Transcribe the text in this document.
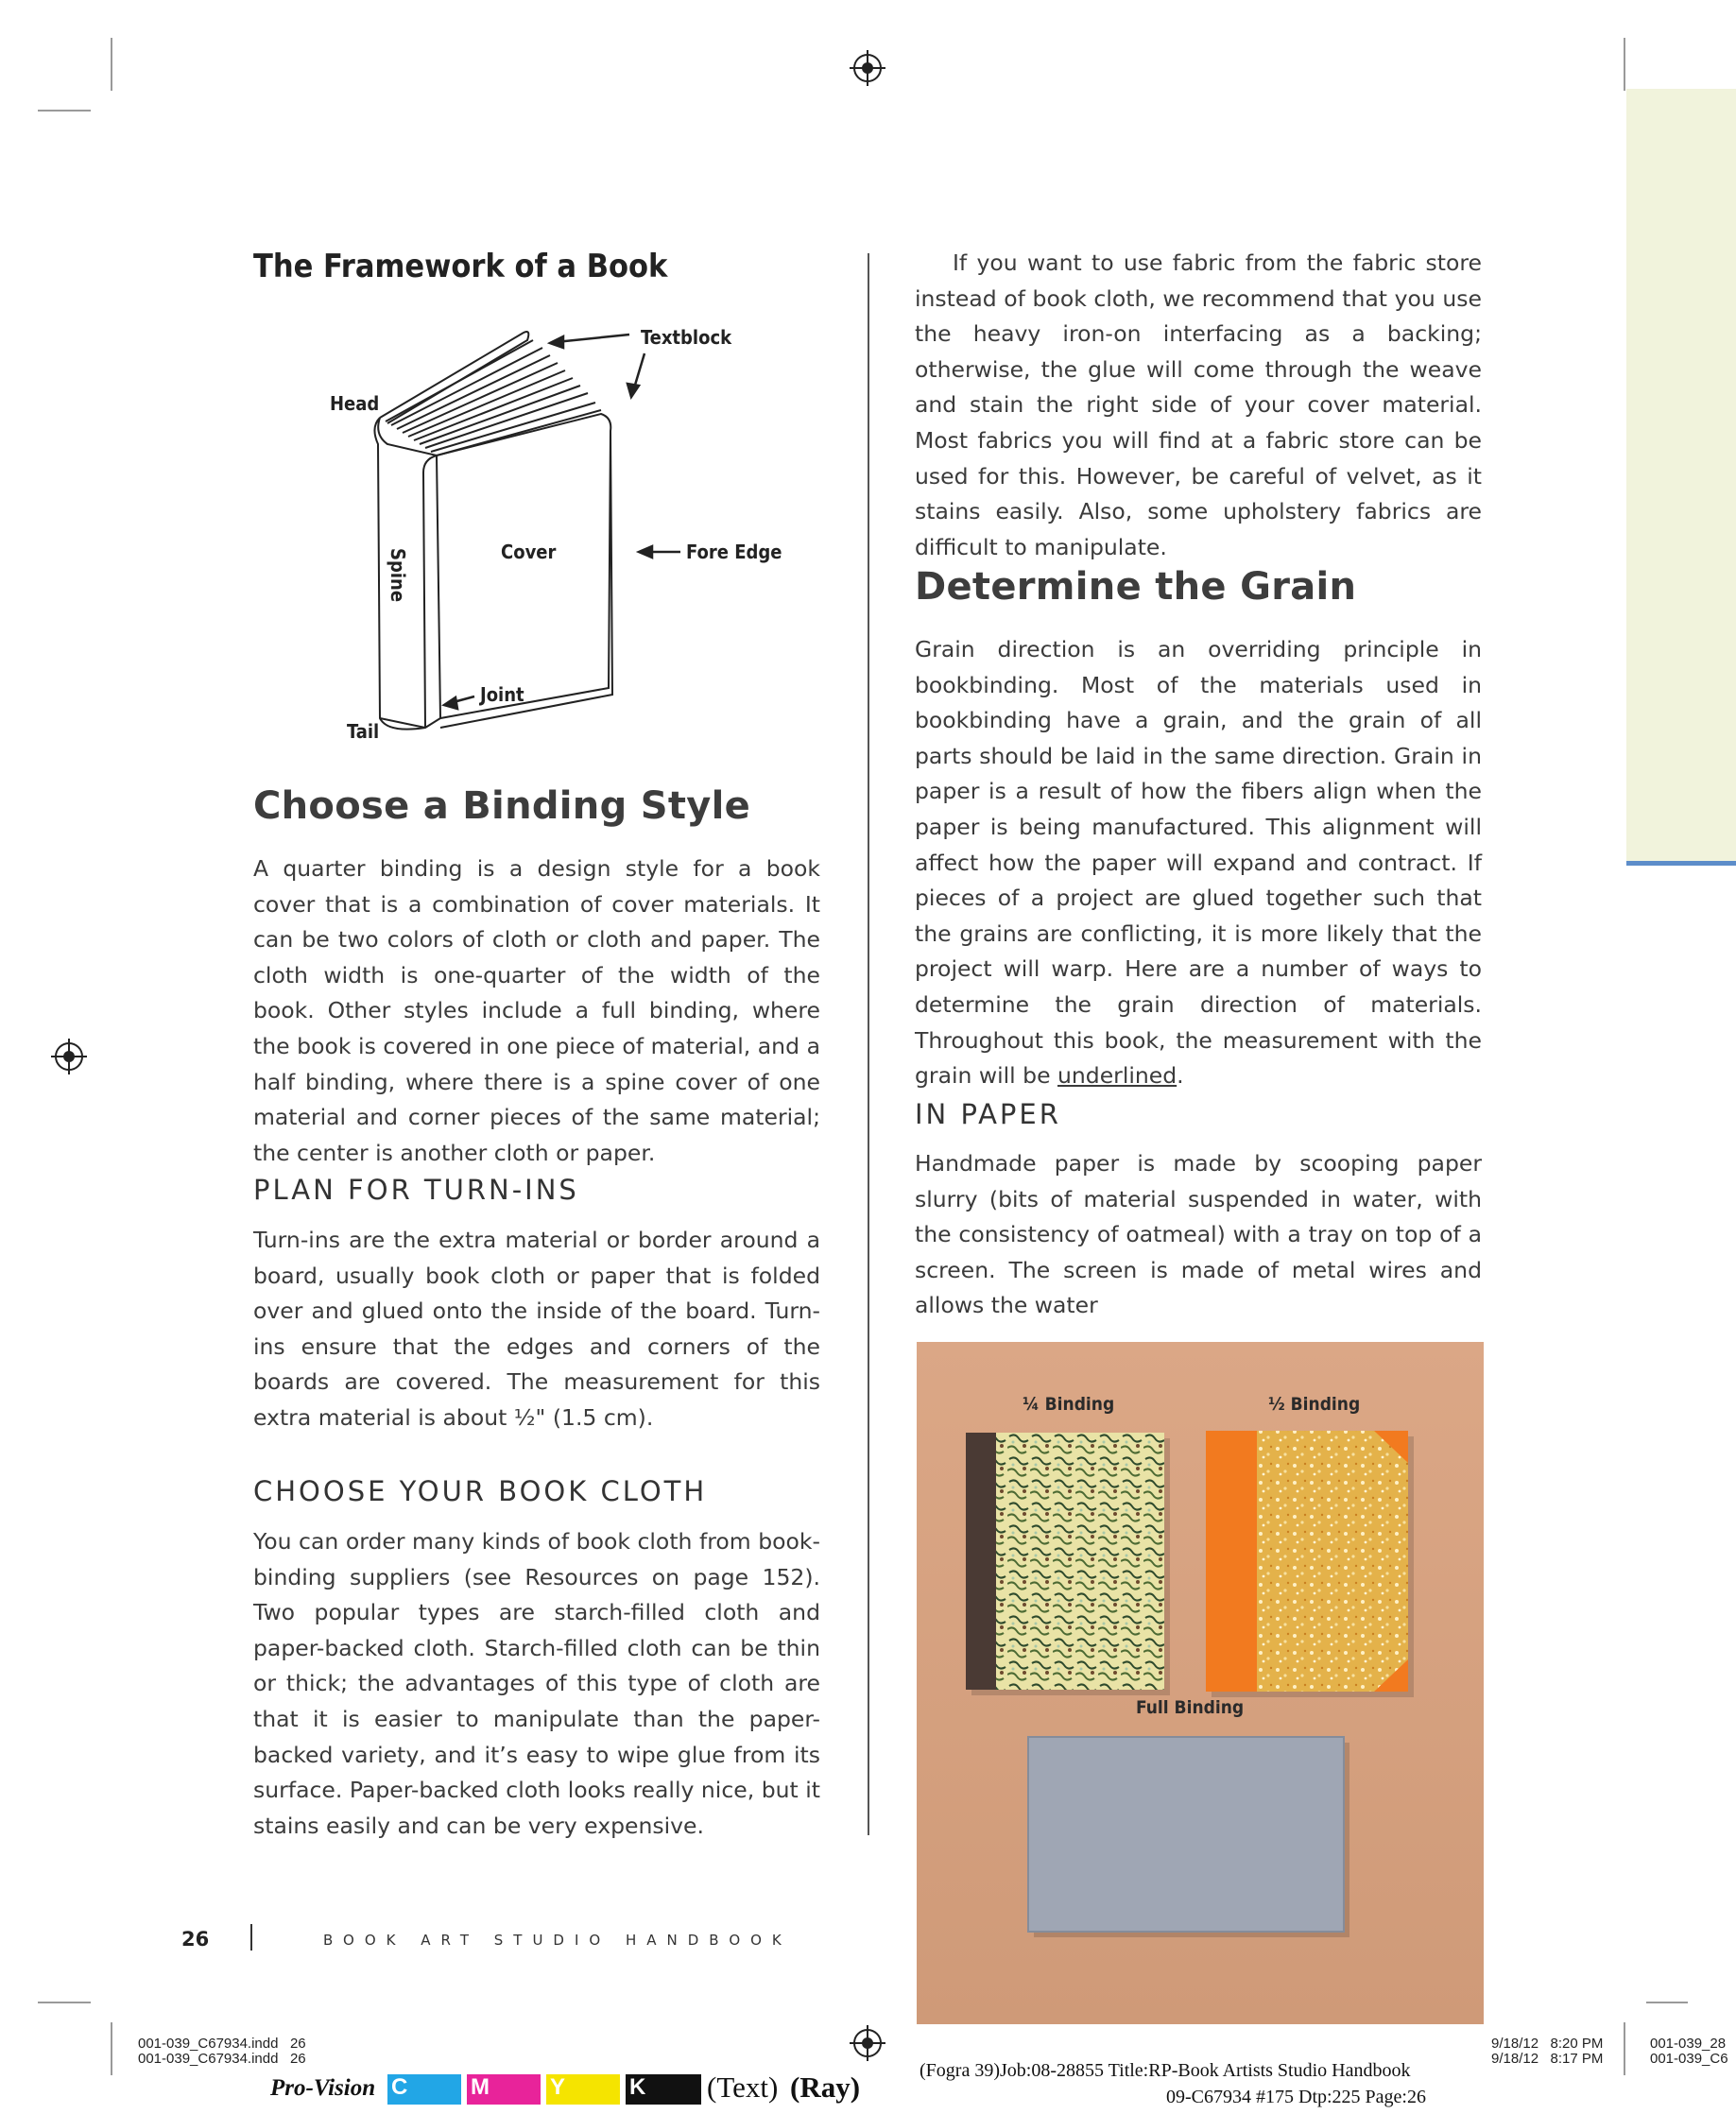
The Framework of a Book
Textblock
Head
Cover	Fore Edge
Spine
Joint
Tail
Choose a Binding Style
A quarter binding is a design style for a book cover that is a combination of cover materials. It can be two colors of cloth or cloth and paper. The cloth width is one-quarter of the width of the book. Other styles include a full binding, where the book is covered in one piece of material, and a half binding, where there is a spine cover of one material and corner pieces of the same material; the center is another cloth or paper.
PLAN FOR TURN-INS
Turn-ins are the extra material or border around a board, usually book cloth or paper that is folded over and glued onto the inside of the board. Turn-ins ensure that the edges and corners of the boards are covered. The measurement for this extra material is about ½" (1.5 cm).
CHOOSE YOUR BOOK CLOTH
You can order many kinds of book cloth from bookbinding suppliers (see Resources on page 152). Two popular types are starch-filled cloth and paper-backed cloth. Starch-filled cloth can be thin or thick; the advantages of this type of cloth are that it is easier to manipulate than the paper-backed variety, and it’s easy to wipe glue from its surface. Paper-backed cloth looks really nice, but it stains easily and can be very expensive.
If you want to use fabric from the fabric store instead of book cloth, we recommend that you use the heavy iron-on interfacing as a backing; otherwise, the glue will come through the weave and stain the right side of your cover material. Most fabrics you will find at a fabric store can be used for this. However, be careful of velvet, as it stains easily. Also, some upholstery fabrics are difficult to manipulate.
Determine the Grain
Grain direction is an overriding principle in bookbinding. Most of the materials used in bookbinding have a grain, and the grain of all parts should be laid in the same direction. Grain in paper is a result of how the fibers align when the paper is being manufactured. This alignment will affect how the paper will expand and contract. If pieces of a project are glued together such that the grains are conflicting, it is more likely that the project will warp. Here are a number of ways to determine the grain direction of materials. Throughout this book, the measurement with the grain will be underlined.
IN PAPER
Handmade paper is made by scooping paper slurry (bits of material suspended in water, with the consistency of oatmeal) with a tray on top of a screen. The screen is made of metal wires and allows the water
¼ Binding	½ Binding
Full Binding
26	BOOK ART STUDIO HANDBOOK
001-039_C67934.indd   26
001-039_C67934.indd   26
9/18/12   8:20 PM
9/18/12   8:17 PM
001-039_28
001-039_C6
Pro-Vision C	M	Y	K (Text) (Ray)	(Fogra 39)Job:08-28855 Title:RP-Book Artists Studio Handbook
09-C67934 #175 Dtp:225 Page:26
